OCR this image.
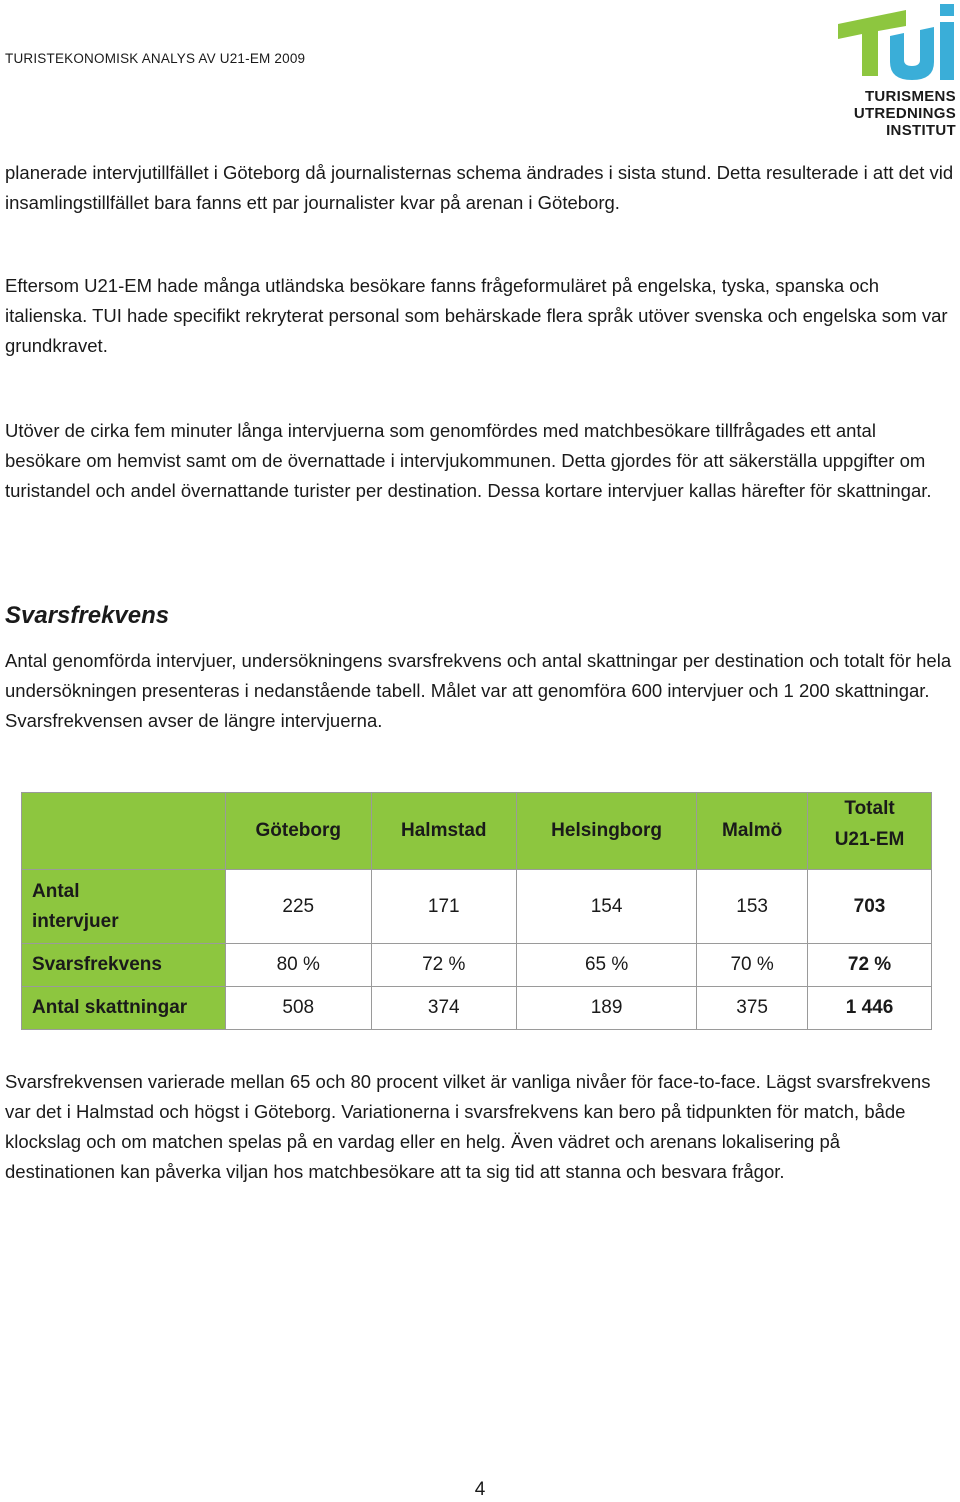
TURISTEKONOMISK ANALYS AV U21-EM 2009
TURISMENS
UTREDNINGS
INSTITUT

planerade intervjutillfället i Göteborg då journalisternas schema ändrades i sista stund. Detta resulterade i att det vid insamlingstillfället bara fanns ett par journalister kvar på arenan i Göteborg.

Eftersom U21-EM hade många utländska besökare fanns frågeformuläret på engelska, tyska, spanska och italienska. TUI hade specifikt rekryterat personal som behärskade flera språk utöver svenska och engelska som var grundkravet.

Utöver de cirka fem minuter långa intervjuerna som genomfördes med matchbesökare tillfrågades ett antal besökare om hemvist samt om de övernattade i intervjukommunen. Detta gjordes för att säkerställa uppgifter om turistandel och andel övernattande turister per destination. Dessa kortare intervjuer kallas härefter för skattningar.

Svarsfrekvens

Antal genomförda intervjuer, undersökningens svarsfrekvens och antal skattningar per destination och totalt för hela undersökningen presenteras i nedanstående tabell. Målet var att genomföra 600 intervjuer och 1 200 skattningar. Svarsfrekvensen avser de längre intervjuerna.

	Göteborg	Halmstad	Helsingborg	Malmö	Totalt
U21-EM

Antal
intervjuer	225	171	154	153	703
Svarsfrekvens	80 %	72 %	65 %	70 %	72 %
Antal skattningar	508	374	189	375	1 446

Svarsfrekvensen varierade mellan 65 och 80 procent vilket är vanliga nivåer för face-to-face. Lägst svarsfrekvens var det i Halmstad och högst i Göteborg. Variationerna i svarsfrekvens kan bero på tidpunkten för match, både klockslag och om matchen spelas på en vardag eller en helg. Även vädret och arenans lokalisering på destinationen kan påverka viljan hos matchbesökare att ta sig tid att stanna och besvara frågor.

4
